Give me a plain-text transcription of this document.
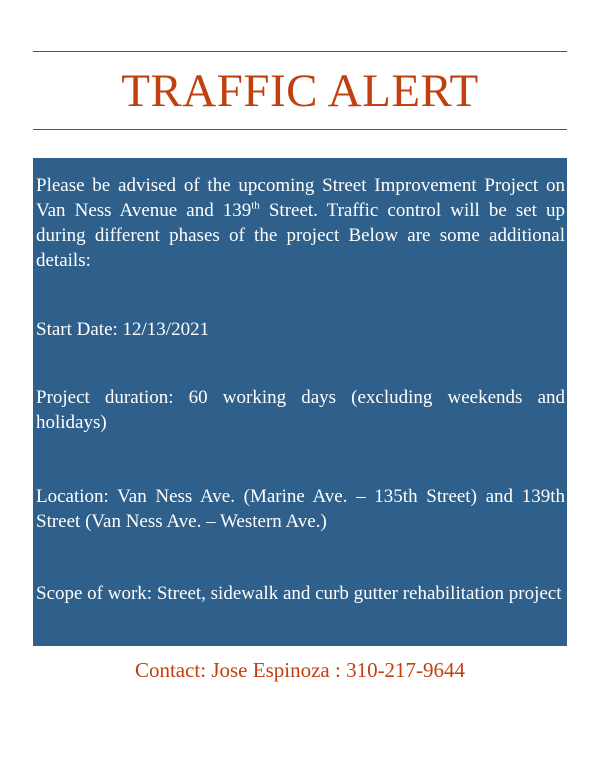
TRAFFIC ALERT

Please be advised of the upcoming Street Improvement Project on Van Ness Avenue and 139th Street. Traffic control will be set up during different phases of the project Below are some additional details:

Start Date: 12/13/2021

Project duration: 60 working days (excluding weekends and holidays)

Location: Van Ness Ave. (Marine Ave. – 135th Street) and 139th Street (Van Ness Ave. – Western Ave.)

Scope of work: Street, sidewalk and curb gutter rehabilitation project

Contact: Jose Espinoza : 310-217-9644
